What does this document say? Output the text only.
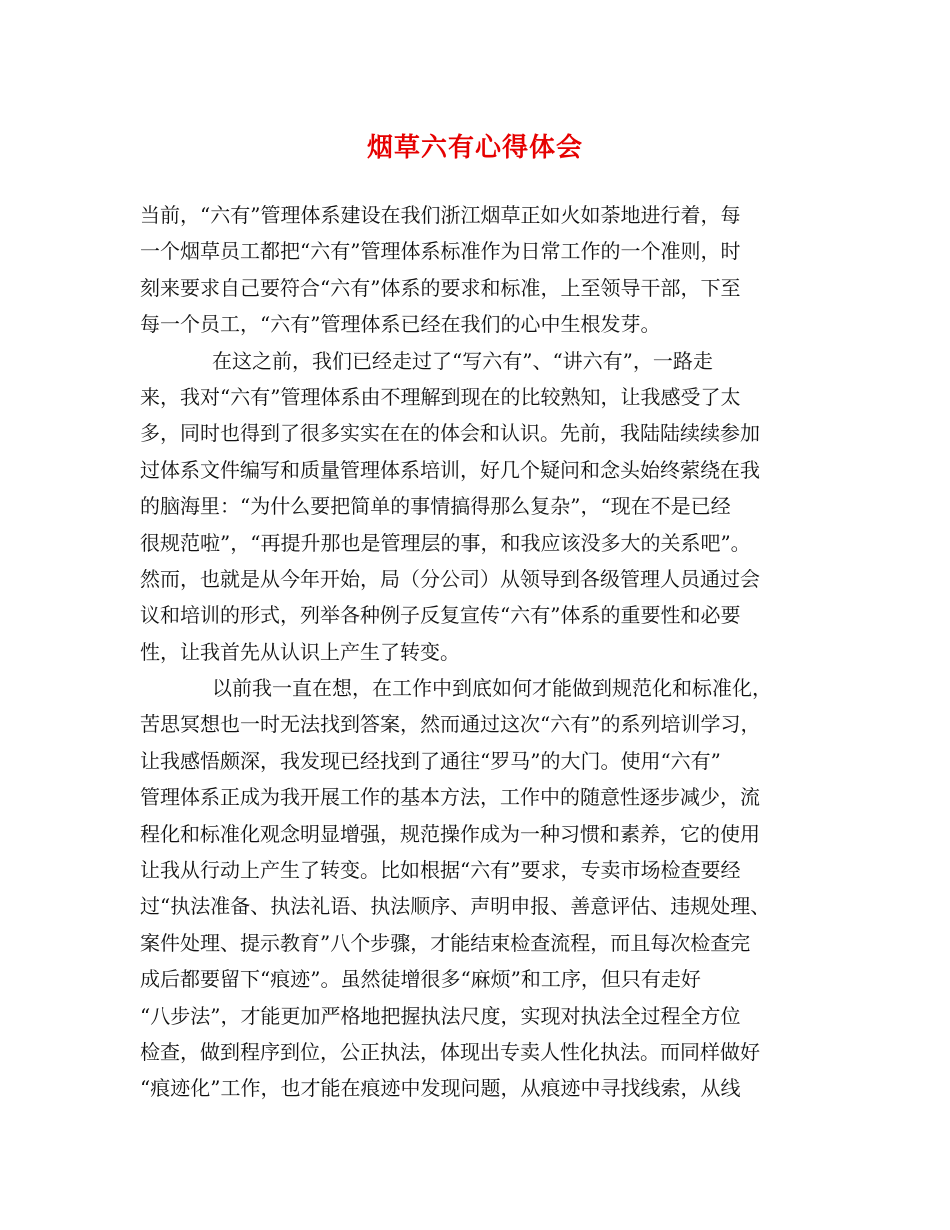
烟草六有心得体会
当前，“六有”管理体系建设在我们浙江烟草正如火如荼地进行着，每
一个烟草员工都把“六有”管理体系标准作为日常工作的一个准则，时
刻来要求自己要符合“六有”体系的要求和标准，上至领导干部，下至
每一个员工，“六有”管理体系已经在我们的心中生根发芽。
在这之前，我们已经走过了“写六有”、“讲六有”，一路走
来，我对“六有”管理体系由不理解到现在的比较熟知，让我感受了太
多，同时也得到了很多实实在在的体会和认识。先前，我陆陆续续参加
过体系文件编写和质量管理体系培训，好几个疑问和念头始终萦绕在我
的脑海里：“为什么要把简单的事情搞得那么复杂”，“现在不是已经
很规范啦”，“再提升那也是管理层的事，和我应该没多大的关系吧”。
然而，也就是从今年开始，局（分公司）从领导到各级管理人员通过会
议和培训的形式，列举各种例子反复宣传“六有”体系的重要性和必要
性，让我首先从认识上产生了转变。
以前我一直在想，在工作中到底如何才能做到规范化和标准化，
苦思冥想也一时无法找到答案，然而通过这次“六有”的系列培训学习，
让我感悟颇深，我发现已经找到了通往“罗马”的大门。使用“六有”
管理体系正成为我开展工作的基本方法，工作中的随意性逐步减少，流
程化和标准化观念明显增强，规范操作成为一种习惯和素养，它的使用
让我从行动上产生了转变。比如根据“六有”要求，专卖市场检查要经
过“执法准备、执法礼语、执法顺序、声明申报、善意评估、违规处理、
案件处理、提示教育”八个步骤，才能结束检查流程，而且每次检查完
成后都要留下“痕迹”。虽然徒增很多“麻烦”和工序，但只有走好
“八步法”，才能更加严格地把握执法尺度，实现对执法全过程全方位
检查，做到程序到位，公正执法，体现出专卖人性化执法。而同样做好
“痕迹化”工作，也才能在痕迹中发现问题，从痕迹中寻找线索，从线
